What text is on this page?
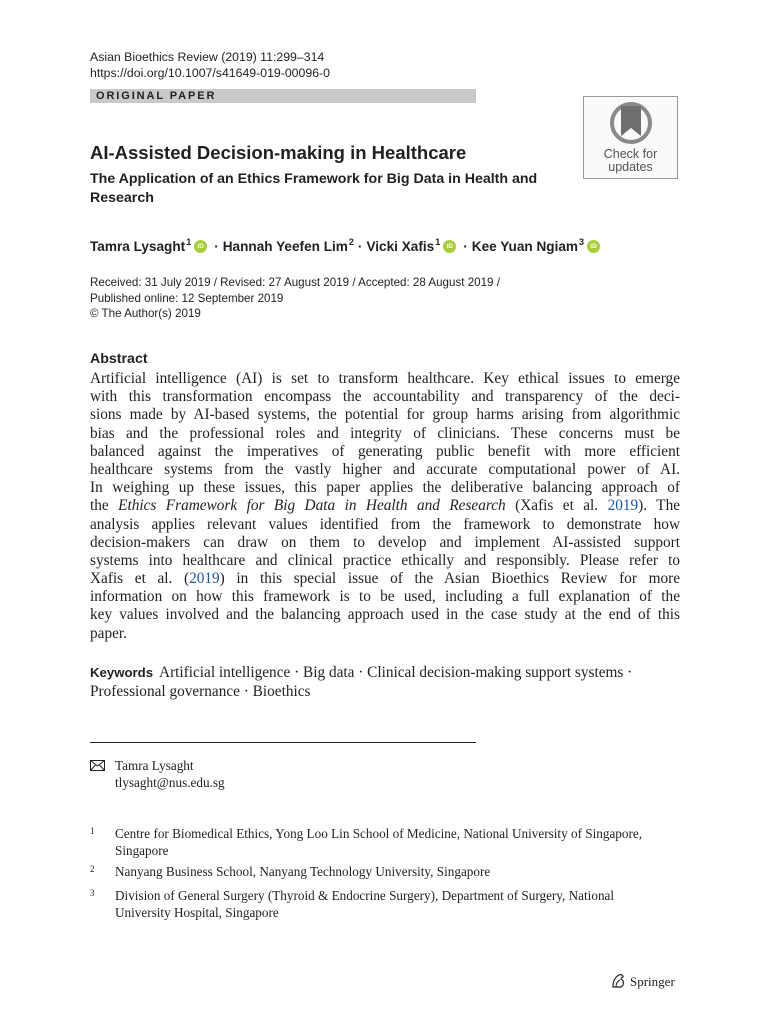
Asian Bioethics Review (2019) 11:299–314
https://doi.org/10.1007/s41649-019-00096-0
ORIGINAL PAPER
Check for
updates
AI-Assisted Decision-making in Healthcare
The Application of an Ethics Framework for Big Data in Health and Research
Tamra Lysaght$^1$ iD · Hannah Yeefen Lim$^2$ · Vicki Xafis$^1$ iD · Kee Yuan Ngiam$^3$ iD
Received: 31 July 2019 / Revised: 27 August 2019 / Accepted: 28 August 2019 /
Published online: 12 September 2019
© The Author(s) 2019
Abstract
Artificial intelligence (AI) is set to transform healthcare. Key ethical issues to emerge
with this transformation encompass the accountability and transparency of the deci-
sions made by AI-based systems, the potential for group harms arising from algorithmic
bias and the professional roles and integrity of clinicians. These concerns must be
balanced against the imperatives of generating public benefit with more efficient
healthcare systems from the vastly higher and accurate computational power of AI.
In weighing up these issues, this paper applies the deliberative balancing approach of
the Ethics Framework for Big Data in Health and Research (Xafis et al. 2019). The
analysis applies relevant values identified from the framework to demonstrate how
decision-makers can draw on them to develop and implement AI-assisted support
systems into healthcare and clinical practice ethically and responsibly. Please refer to
Xafis et al. (2019) in this special issue of the Asian Bioethics Review for more
information on how this framework is to be used, including a full explanation of the
key values involved and the balancing approach used in the case study at the end of this
paper.
Keywords Artificial intelligence · Big data · Clinical decision-making support systems ·
Professional governance · Bioethics
Tamra Lysaght
tlysaght@nus.edu.sg
1 Centre for Biomedical Ethics, Yong Loo Lin School of Medicine, National University of Singapore, Singapore
2 Nanyang Business School, Nanyang Technology University, Singapore
3 Division of General Surgery (Thyroid & Endocrine Surgery), Department of Surgery, National University Hospital, Singapore
Springer
